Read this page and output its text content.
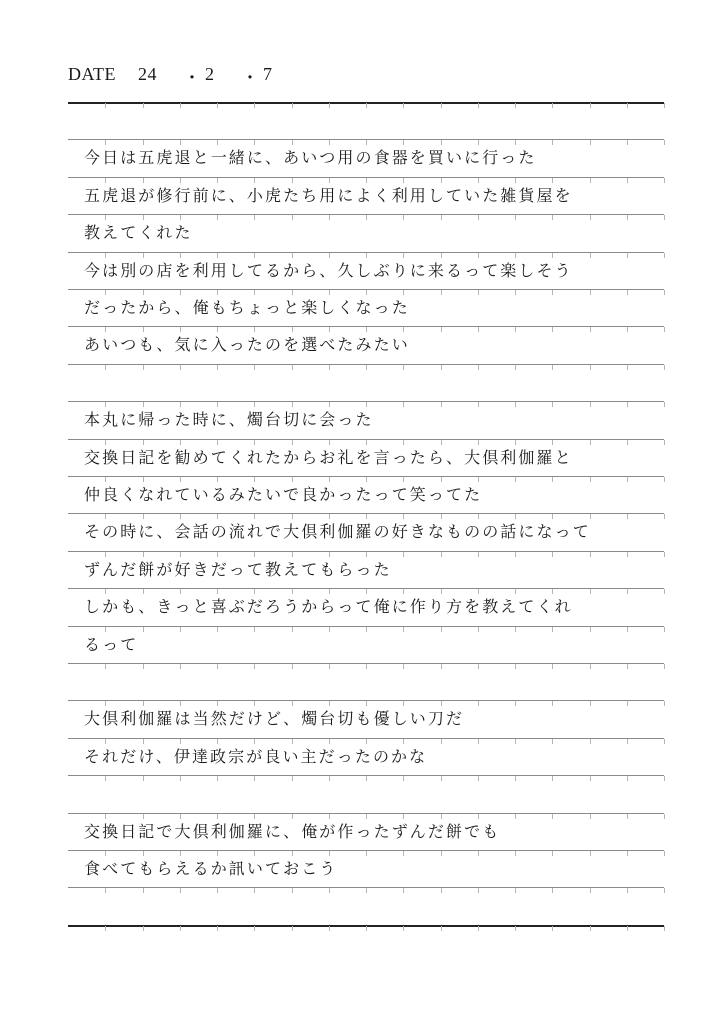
DATE 24 ・ 2 ・ 7
今日は五虎退と一緒に、あいつ用の食器を買いに行った
五虎退が修行前に、小虎たち用によく利用していた雑貨屋を
教えてくれた
今は別の店を利用してるから、久しぶりに来るって楽しそう
だったから、俺もちょっと楽しくなった
あいつも、気に入ったのを選べたみたい
本丸に帰った時に、燭台切に会った
交換日記を勧めてくれたからお礼を言ったら、大倶利伽羅と
仲良くなれているみたいで良かったって笑ってた
その時に、会話の流れで大倶利伽羅の好きなものの話になって
ずんだ餅が好きだって教えてもらった
しかも、きっと喜ぶだろうからって俺に作り方を教えてくれ
るって
大倶利伽羅は当然だけど、燭台切も優しい刀だ
それだけ、伊達政宗が良い主だったのかな
交換日記で大倶利伽羅に、俺が作ったずんだ餅でも
食べてもらえるか訊いておこう
